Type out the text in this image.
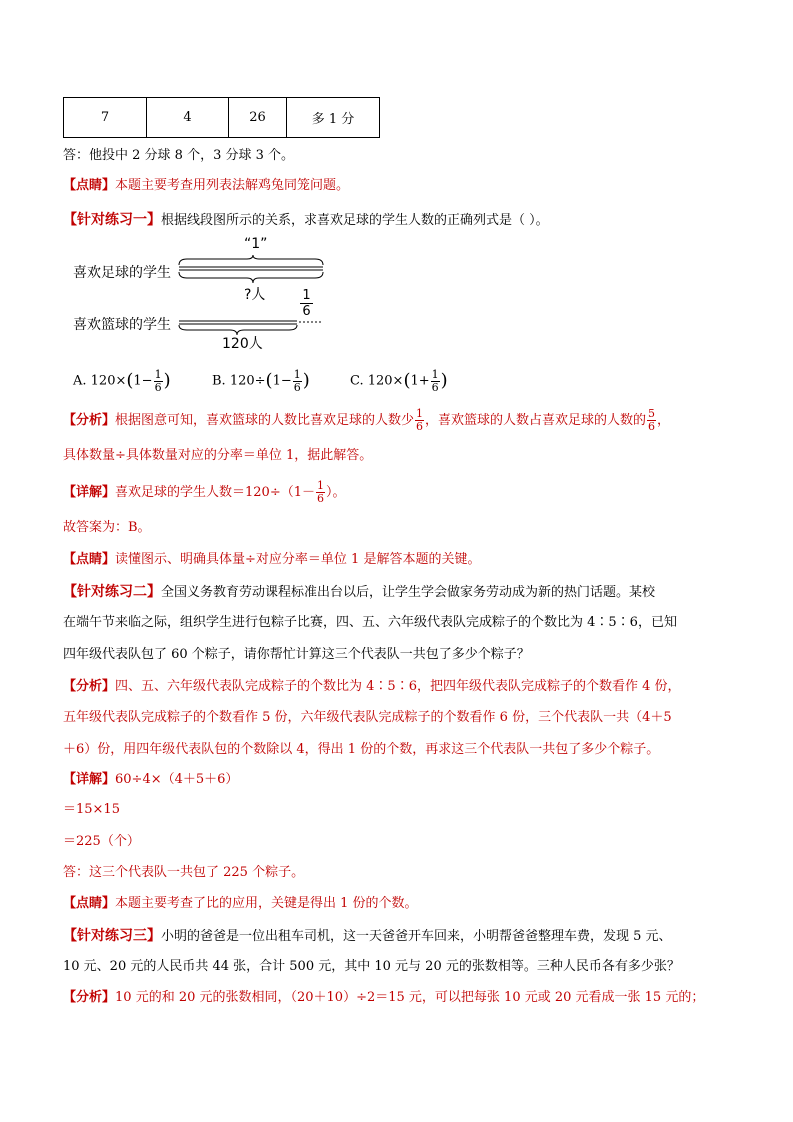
7	4	26	多 1 分
答：他投中 2 分球 8 个，3 分球 3 个。
【点睛】本题主要考查用列表法解鸡兔同笼问题。
【针对练习一】根据线段图所示的关系，求喜欢足球的学生人数的正确列式是（ ）。
喜欢足球的学生
“1”
?人
喜欢篮球的学生
120人
$\frac{1}{6}$
A. $120\times(1- \frac{1}{6}$ )	B. $120\div(1- \frac{1}{6}$ )	C. $120\times(1+ \frac{1}{6}$ )
【分析】根据图意可知，喜欢篮球的人数比喜欢足球的人数少 $\frac{1}{6}$ ，喜欢篮球的人数占喜欢足球的人数的 $\frac{5}{6}$ ，
具体数量÷具体数量对应的分率＝单位 1，据此解答。
【详解】喜欢足球的学生人数$=120\div(1- \frac{1}{6}$ ）。
故答案为：B。
【点睛】读懂图示、明确具体量÷对应分率＝单位 1 是解答本题的关键。
【针对练习二】全国义务教育劳动课程标准出台以后，让学生学会做家务劳动成为新的热门话题。某校
在端午节来临之际，组织学生进行包粽子比赛，四、五、六年级代表队完成粽子的个数比为 4∶5∶6，已知
四年级代表队包了 60 个粽子，请你帮忙计算这三个代表队一共包了多少个粽子？
【分析】四、五、六年级代表队完成粽子的个数比为 4∶5∶6，把四年级代表队完成粽子的个数看作 4 份，
五年级代表队完成粽子的个数看作 5 份，六年级代表队完成粽子的个数看作 6 份，三个代表队一共（4＋5
＋6）份，用四年级代表队包的个数除以 4，得出 1 份的个数，再求这三个代表队一共包了多少个粽子。
【详解】60÷4×（4＋5＋6）
＝15×15
＝225（个）
答：这三个代表队一共包了 225 个粽子。
【点睛】本题主要考查了比的应用，关键是得出 1 份的个数。
【针对练习三】小明的爸爸是一位出租车司机，这一天爸爸开车回来，小明帮爸爸整理车费，发现 5 元、
10 元、20 元的人民币共 44 张，合计 500 元，其中 10 元与 20 元的张数相等。三种人民币各有多少张？
【分析】10 元的和 20 元的张数相同，（20＋10）÷2＝15 元，可以把每张 10 元或 20 元看成一张 15 元的；
